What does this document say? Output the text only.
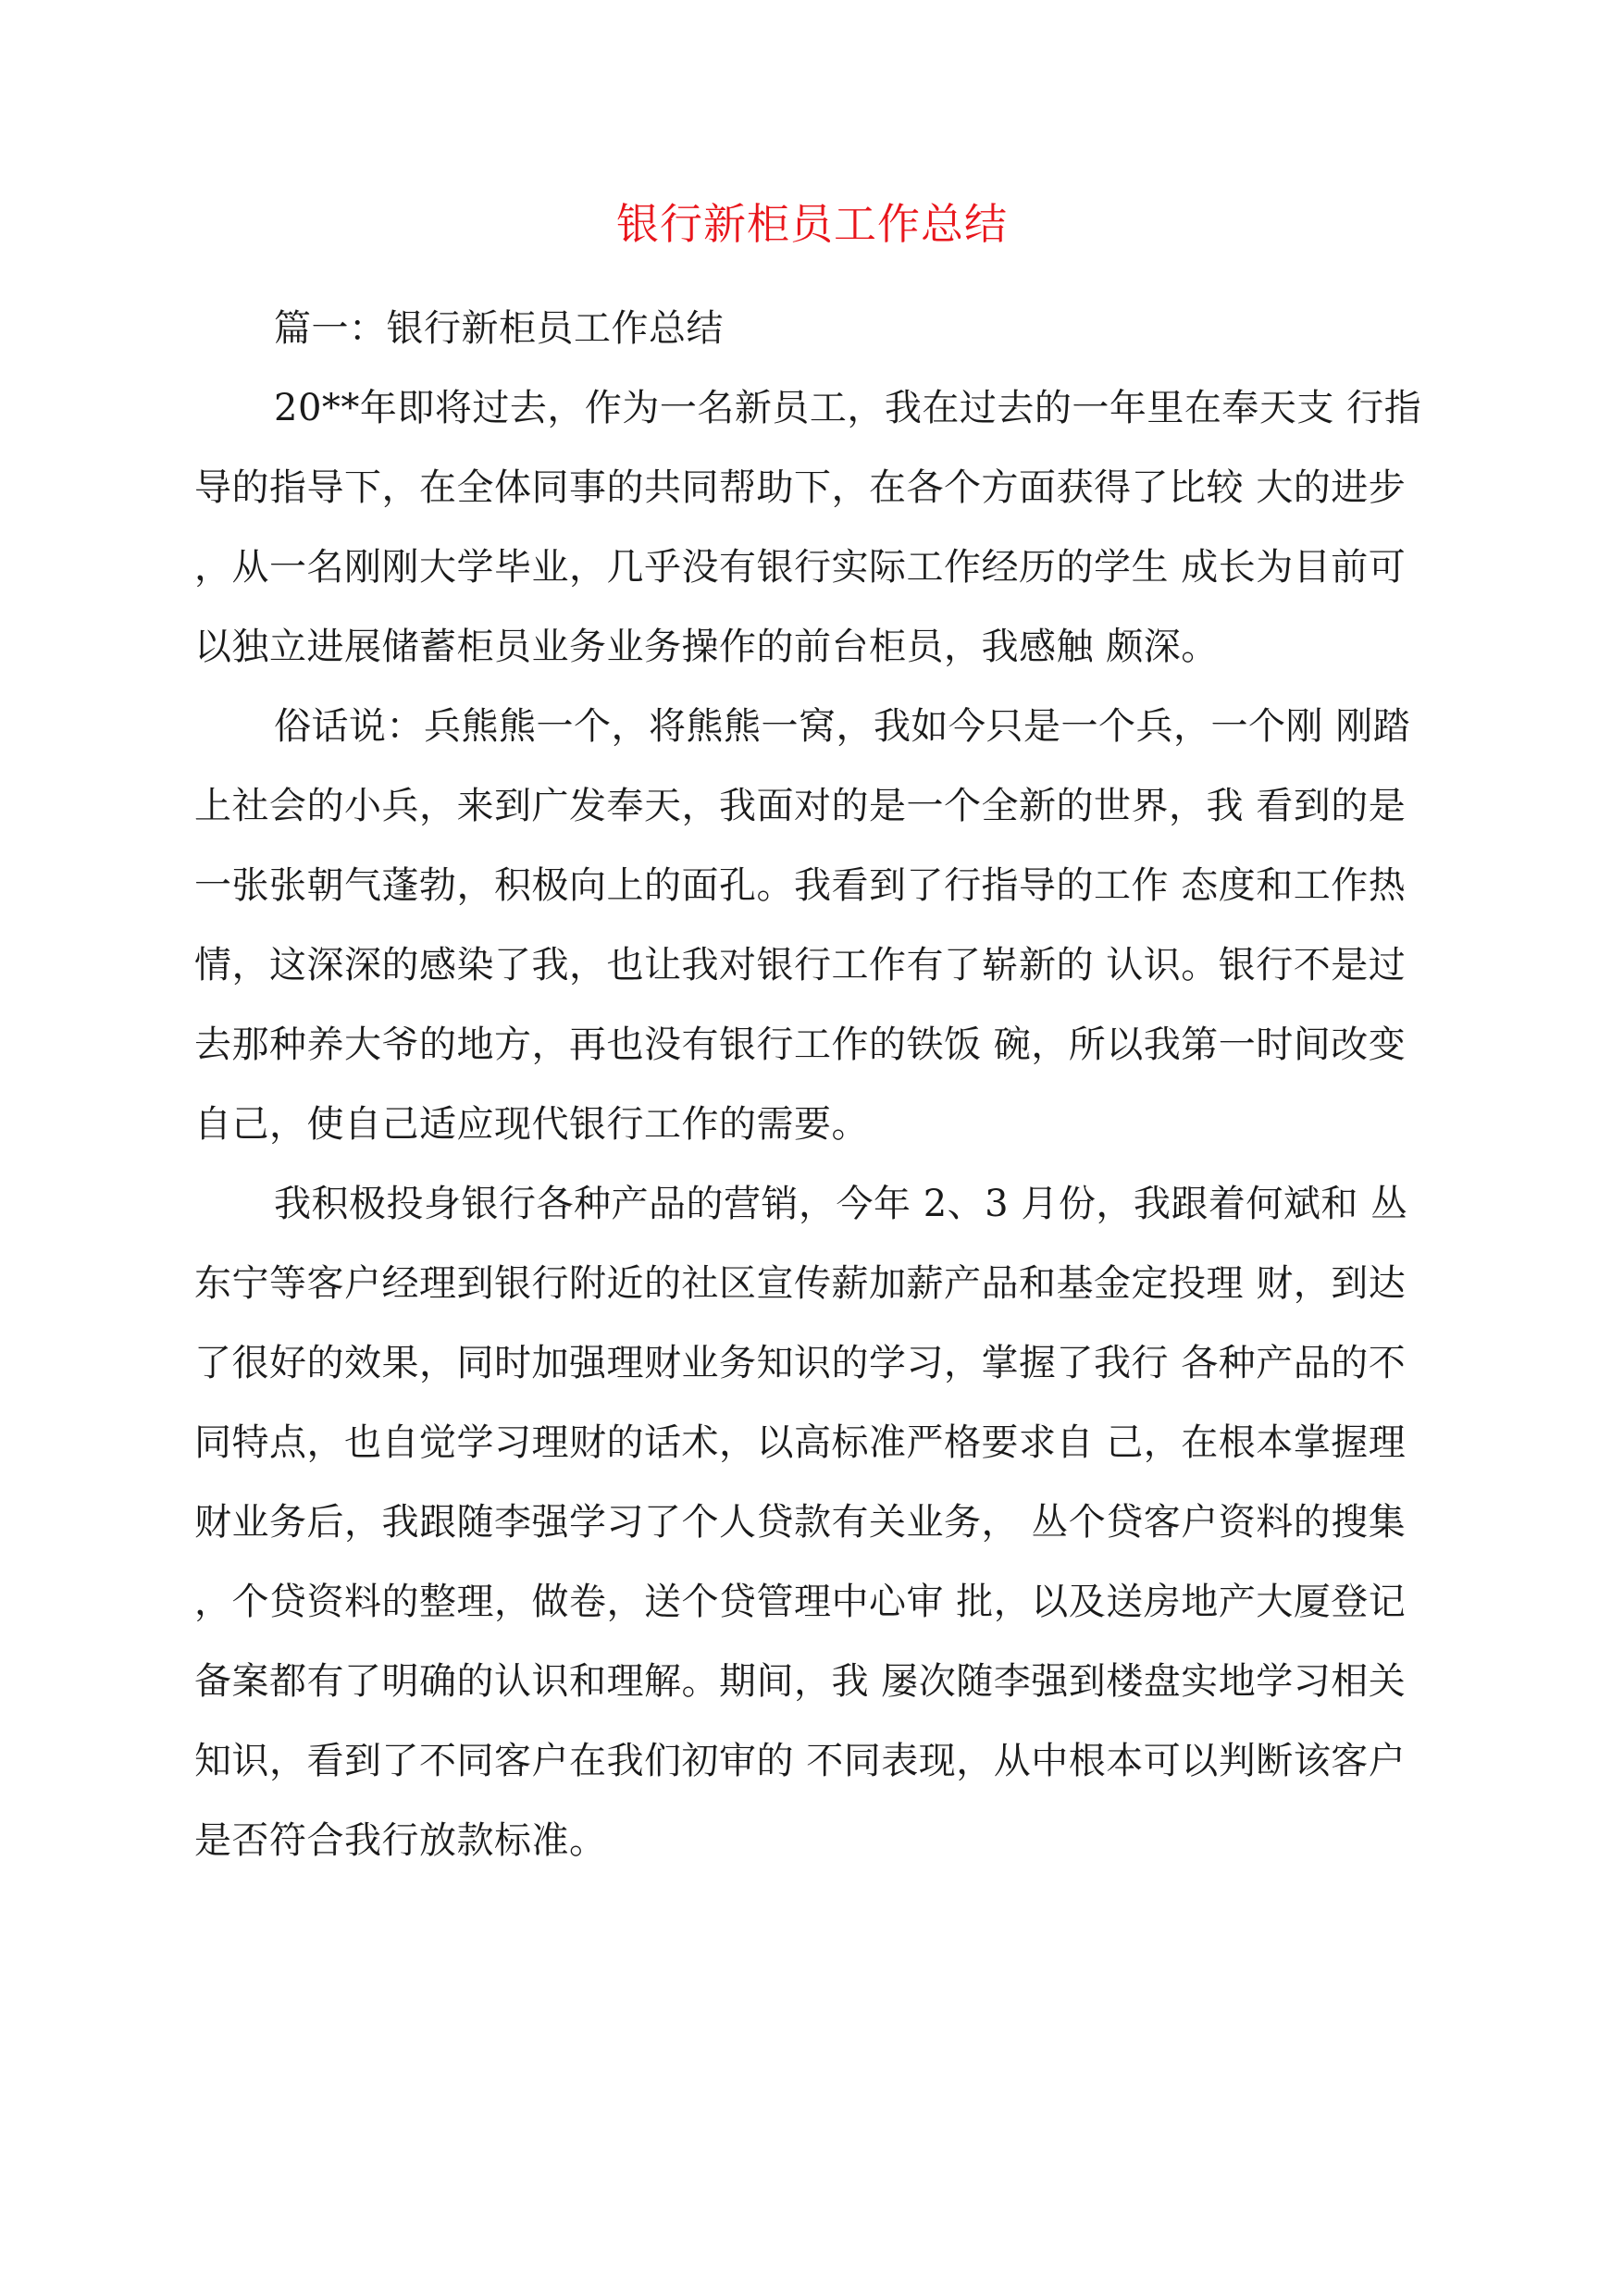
银行新柜员工作总结
篇一：银行新柜员工作总结
20**年即将过去，作为一名新员工，我在过去的一年里在奉天支 行指
导的指导下，在全体同事的共同帮助下，在各个方面获得了比较 大的进步
，从一名刚刚大学毕业，几乎没有银行实际工作经历的学生 成长为目前可
以独立进展储蓄柜员业务业务操作的前台柜员，我感触 颇深。
俗话说：兵熊熊一个，将熊熊一窝，我如今只是一个兵，一个刚 刚踏
上社会的小兵，来到广发奉天，我面对的是一个全新的世界，我 看到的是
一张张朝气蓬勃，积极向上的面孔。我看到了行指导的工作 态度和工作热
情，这深深的感染了我，也让我对银行工作有了崭新的 认识。银行不是过
去那种养大爷的地方，再也没有银行工作的铁饭 碗，所以我第一时间改变
自己，使自己适应现代银行工作的需要。
我积极投身银行各种产品的营销，今年 2、3 月份，我跟着何斌和 丛
东宁等客户经理到银行附近的社区宣传薪加薪产品和基金定投理 财，到达
了很好的效果，同时加强理财业务知识的学习，掌握了我行 各种产品的不
同特点，也自觉学习理财的话术，以高标准严格要求自 己，在根本掌握理
财业务后，我跟随李强学习了个人贷款有关业务， 丛个贷客户资料的搜集
，个贷资料的整理，做卷，送个贷管理中心审 批，以及送房地产大厦登记
备案都有了明确的认识和理解。期间，我 屡次随李强到楼盘实地学习相关
知识，看到了不同客户在我们初审的 不同表现，从中根本可以判断该客户
是否符合我行放款标准。
